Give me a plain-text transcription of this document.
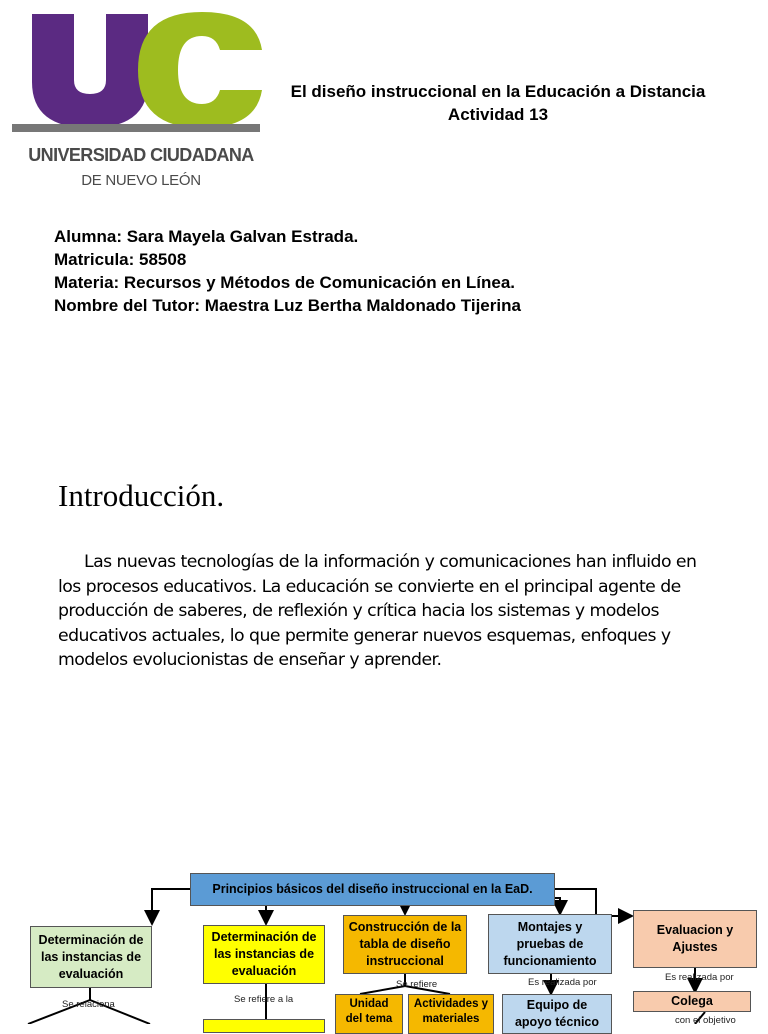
UNIVERSIDAD CIUDADANA
DE NUEVO LEÓN
El diseño instruccional en la Educación a Distancia
Actividad 13
Alumna: Sara Mayela Galvan Estrada.
Matricula: 58508
Materia: Recursos y Métodos de Comunicación en Línea.
Nombre del Tutor: Maestra Luz Bertha Maldonado Tijerina
Introducción.
Las nuevas tecnologías de la información y comunicaciones han influido en los procesos educativos. La educación se convierte en el principal agente de producción de saberes, de reflexión y crítica hacia los sistemas y modelos educativos actuales, lo que permite generar nuevos esquemas, enfoques y modelos evolucionistas de enseñar y aprender.
Principios básicos del diseño instruccional en la EaD.
Determinación de las instancias de evaluación
Determinación de las instancias de evaluación
Construcción de la tabla de diseño instruccional
Montajes y pruebas de funcionamiento
Evaluacion y Ajustes
Unidad del tema
Actividades y materiales
Equipo de apoyo técnico
Colega
Se relaciona	Se refiere a la
Se refiere	Es realizada por	Es realizada por
con el objetivo
